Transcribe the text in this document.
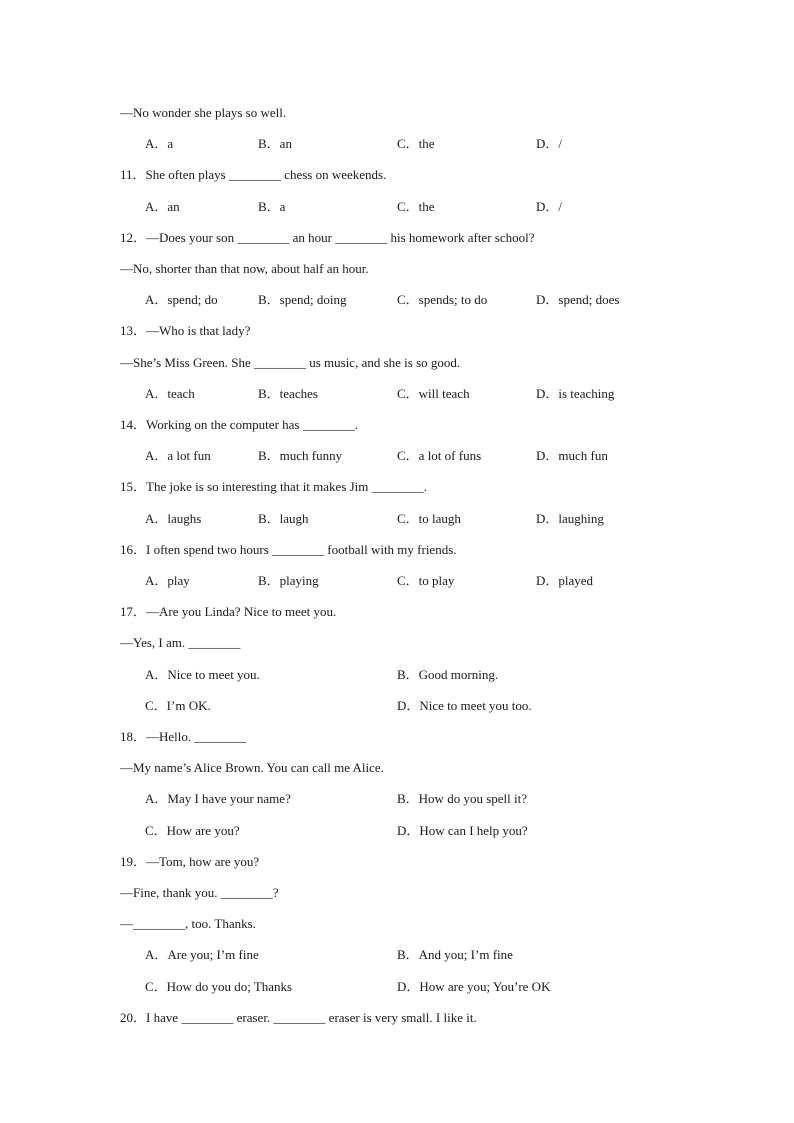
—No wonder she plays so well.
A．a	B．an	C．the	D．/
11．She often plays ________ chess on weekends.
A．an	B．a	C．the	D．/
12．—Does your son ________ an hour ________ his homework after school?
—No, shorter than that now, about half an hour.
A．spend; do	B．spend; doing	C．spends; to do	D．spend; does
13．—Who is that lady?
—She’s Miss Green. She ________ us music, and she is so good.
A．teach	B．teaches	C．will teach	D．is teaching
14．Working on the computer has ________.
A．a lot fun	B．much funny	C．a lot of funs	D．much fun
15．The joke is so interesting that it makes Jim ________.
A．laughs	B．laugh	C．to laugh	D．laughing
16．I often spend two hours ________ football with my friends.
A．play	B．playing	C．to play	D．played
17．—Are you Linda? Nice to meet you.
—Yes, I am. ________
A．Nice to meet you.	B．Good morning.
C．I’m OK.	D．Nice to meet you too.
18．—Hello. ________
—My name’s Alice Brown. You can call me Alice.
A．May I have your name?	B．How do you spell it?
C．How are you?	D．How can I help you?
19．—Tom, how are you?
—Fine, thank you. ________?
—________, too. Thanks.
A．Are you; I’m fine	B．And you; I’m fine
C．How do you do; Thanks	D．How are you; You’re OK
20．I have ________ eraser. ________ eraser is very small. I like it.
